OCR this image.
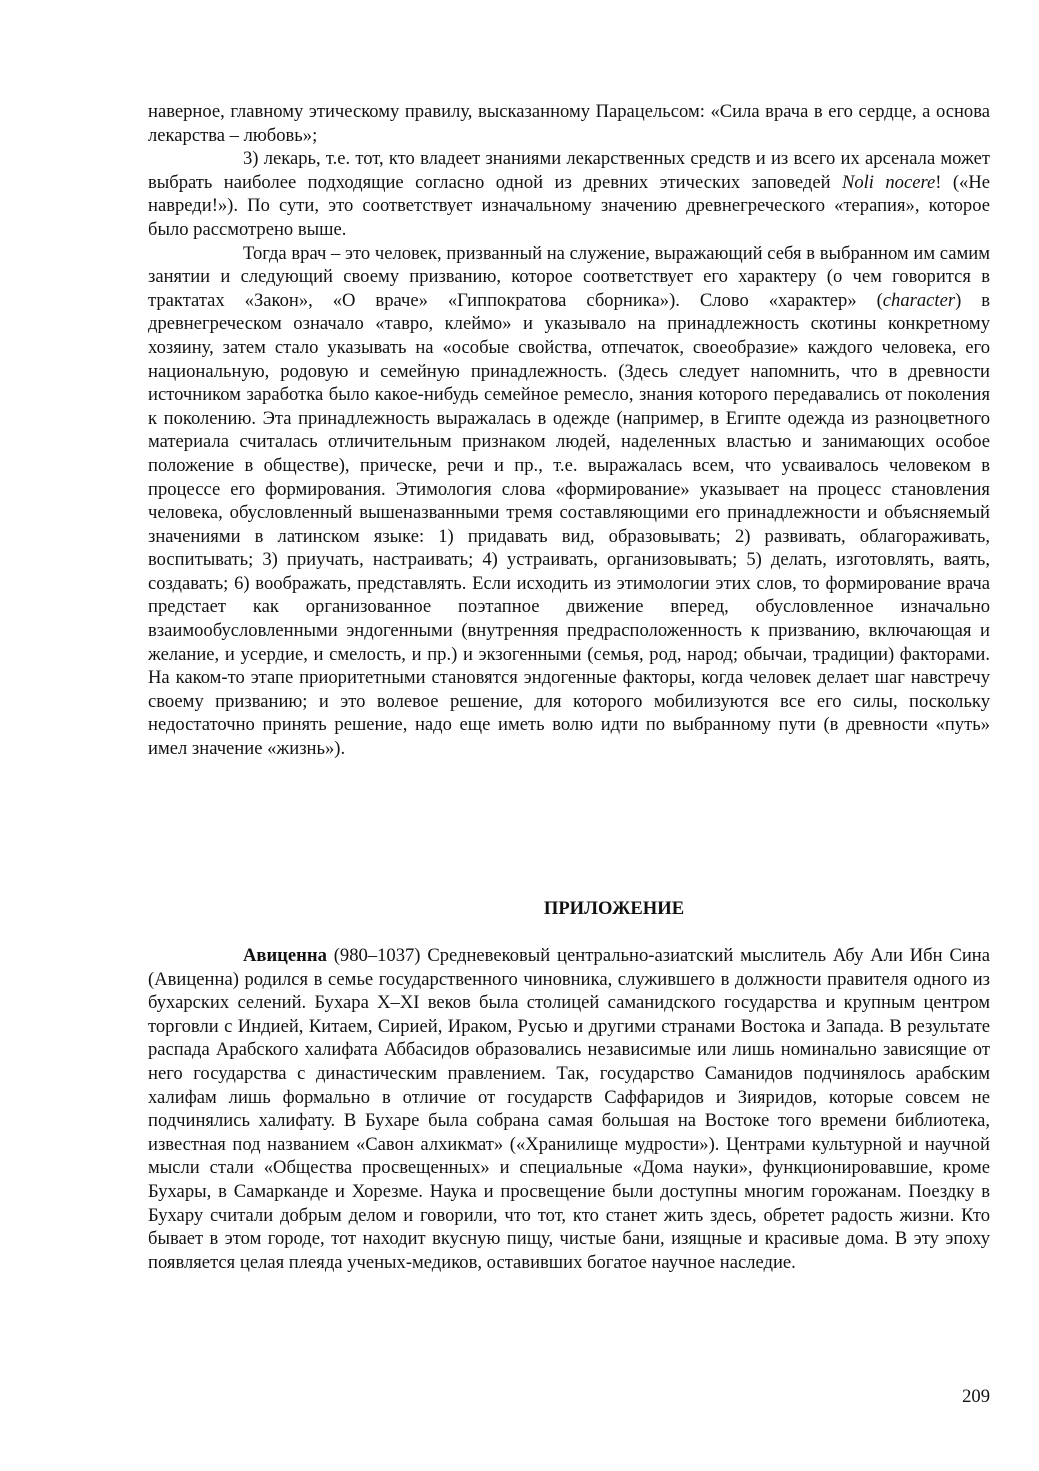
наверное, главному этическому правилу, высказанному Парацельсом: «Сила врача в его сердце, а основа лекарства – любовь»;

3) лекарь, т.е. тот, кто владеет знаниями лекарственных средств и из всего их арсенала может выбрать наиболее подходящие согласно одной из древних этических заповедей Noli nocere! («Не навреди!»). По сути, это соответствует изначальному значению древнегреческого «терапия», которое было рассмотрено выше.

Тогда врач – это человек, призванный на служение, выражающий себя в выбранном им самим занятии и следующий своему призванию, которое соответствует его характеру (о чем говорится в трактатах «Закон», «О враче» «Гиппократова сборника»). Слово «характер» (character) в древнегреческом означало «тавро, клеймо» и указывало на принадлежность скотины конкретному хозяину, затем стало указывать на «особые свойства, отпечаток, своеобразие» каждого человека, его национальную, родовую и семейную принадлежность. (Здесь следует напомнить, что в древности источником заработка было какое-нибудь семейное ремесло, знания которого передавались от поколения к поколению. Эта принадлежность выражалась в одежде (например, в Египте одежда из разноцветного материала считалась отличительным признаком людей, наделенных властью и занимающих особое положение в обществе), прическе, речи и пр., т.е. выражалась всем, что усваивалось человеком в процессе его формирования. Этимология слова «формирование» указывает на процесс становления человека, обусловленный вышеназванными тремя составляющими его принадлежности и объясняемый значениями в латинском языке: 1) придавать вид, образовывать; 2) развивать, облагораживать, воспитывать; 3) приучать, настраивать; 4) устраивать, организовывать; 5) делать, изготовлять, ваять, создавать; 6) воображать, представлять. Если исходить из этимологии этих слов, то формирование врача предстает как организованное поэтапное движение вперед, обусловленное изначально взаимообусловленными эндогенными (внутренняя предрасположенность к призванию, включающая и желание, и усердие, и смелость, и пр.) и экзогенными (семья, род, народ; обычаи, традиции) факторами. На каком-то этапе приоритетными становятся эндогенные факторы, когда человек делает шаг навстречу своему призванию; и это волевое решение, для которого мобилизуются все его силы, поскольку недостаточно принять решение, надо еще иметь волю идти по выбранному пути (в древности «путь» имел значение «жизнь»).

ПРИЛОЖЕНИЕ

Авиценна (980–1037) Средневековый центрально-азиатский мыслитель Абу Али Ибн Сина (Авиценна) родился в семье государственного чиновника, служившего в должности правителя одного из бухарских селений. Бухара X–XI веков была столицей саманидского государства и крупным центром торговли с Индией, Китаем, Сирией, Ираком, Русью и другими странами Востока и Запада. В результате распада Арабского халифата Аббасидов образовались независимые или лишь номинально зависящие от него государства с династическим правлением. Так, государство Саманидов подчинялось арабским халифам лишь формально в отличие от государств Саффаридов и Зияридов, которые совсем не подчинялись халифату. В Бухаре была собрана самая большая на Востоке того времени библиотека, известная под названием «Савон алхикмат» («Хранилище мудрости»). Центрами культурной и научной мысли стали «Общества просвещенных» и специальные «Дома науки», функционировавшие, кроме Бухары, в Самарканде и Хорезме. Наука и просвещение были доступны многим горожанам. Поездку в Бухару считали добрым делом и говорили, что тот, кто станет жить здесь, обретет радость жизни. Кто бывает в этом городе, тот находит вкусную пищу, чистые бани, изящные и красивые дома. В эту эпоху появляется целая плеяда ученых-медиков, оставивших богатое научное наследие.

209
